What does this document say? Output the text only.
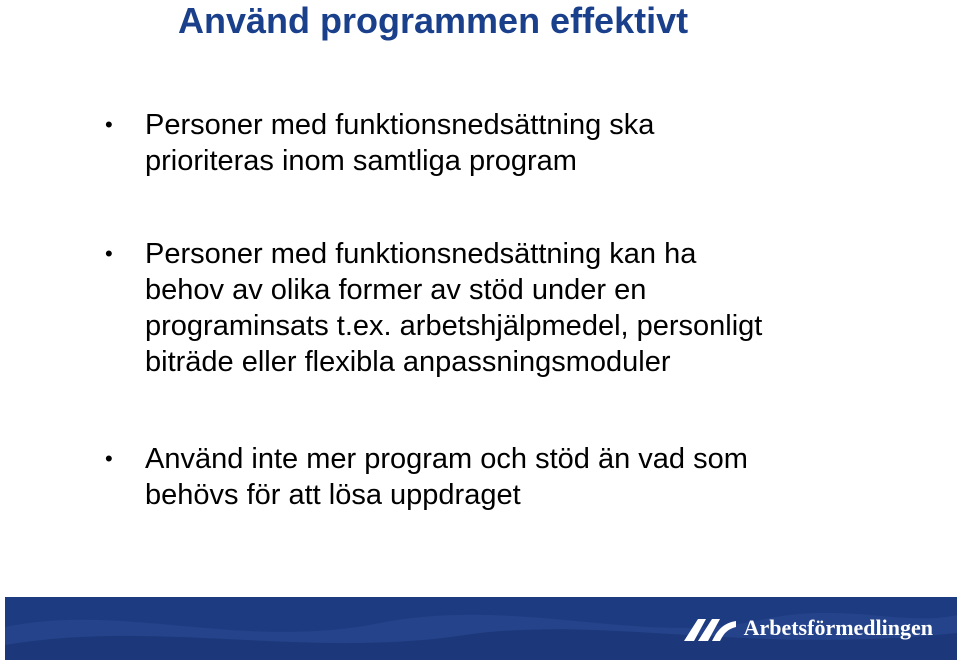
Använd programmen effektivt
• Personer med funktionsnedsättning ska
prioriteras inom samtliga program

• Personer med funktionsnedsättning kan ha
behov av olika former av stöd under en
programinsats t.ex. arbetshjälpmedel, personligt
biträde eller flexibla anpassningsmoduler

• Använd inte mer program och stöd än vad som
behövs för att lösa uppdraget

Arbetsförmedlingen
